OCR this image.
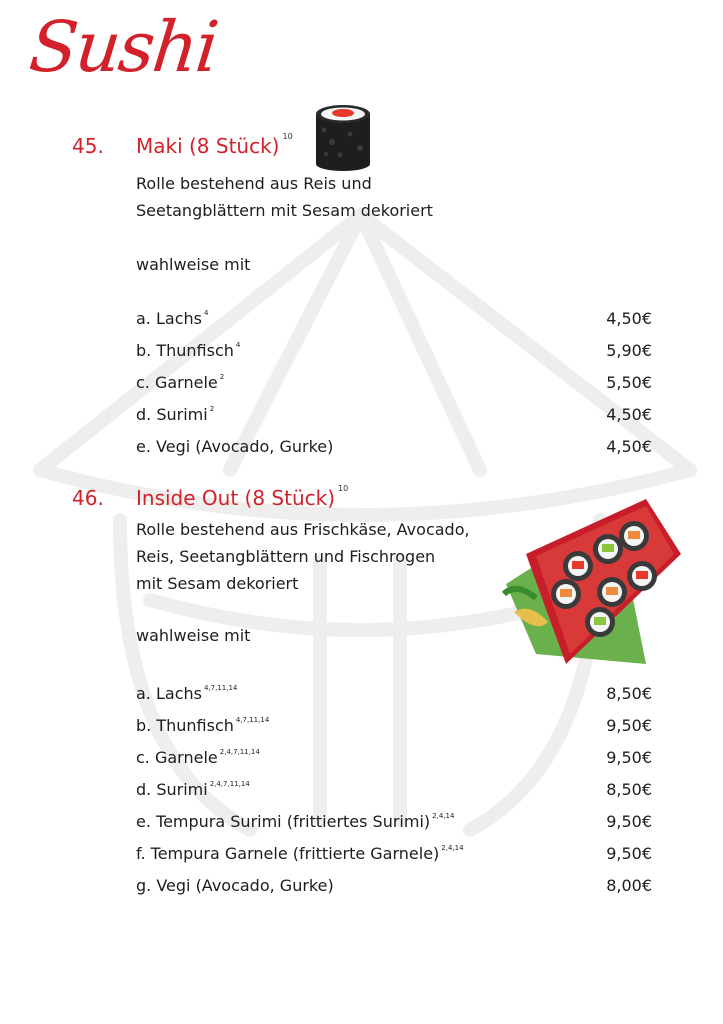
Sushi
45. Maki (8 Stück) $^{10}$
Rolle bestehend aus Reis und
Seetangblättern mit Sesam dekoriert
wahlweise mit
a. Lachs $^4$	4,50€
b. Thunfisch $^4$	5,90€
c. Garnele $^2$	5,50€
d. Surimi $^2$	4,50€
e. Vegi (Avocado, Gurke)	4,50€
46. Inside Out (8 Stück) $^{10}$
Rolle bestehend aus Frischkäse, Avocado,
Reis, Seetangblättern und Fischrogen
mit Sesam dekoriert
wahlweise mit
a. Lachs $^{4,7,11,14}$	8,50€
b. Thunfisch $^{4,7,11,14}$	9,50€
c. Garnele $^{2,4,7,11,14}$	9,50€
d. Surimi $^{2,4,7,11,14}$	8,50€
e. Tempura Surimi (frittiertes Surimi) $^{2,4,14}$	9,50€
f. Tempura Garnele (frittierte Garnele) $^{2,4,14}$	9,50€
g. Vegi (Avocado, Gurke)	8,00€
